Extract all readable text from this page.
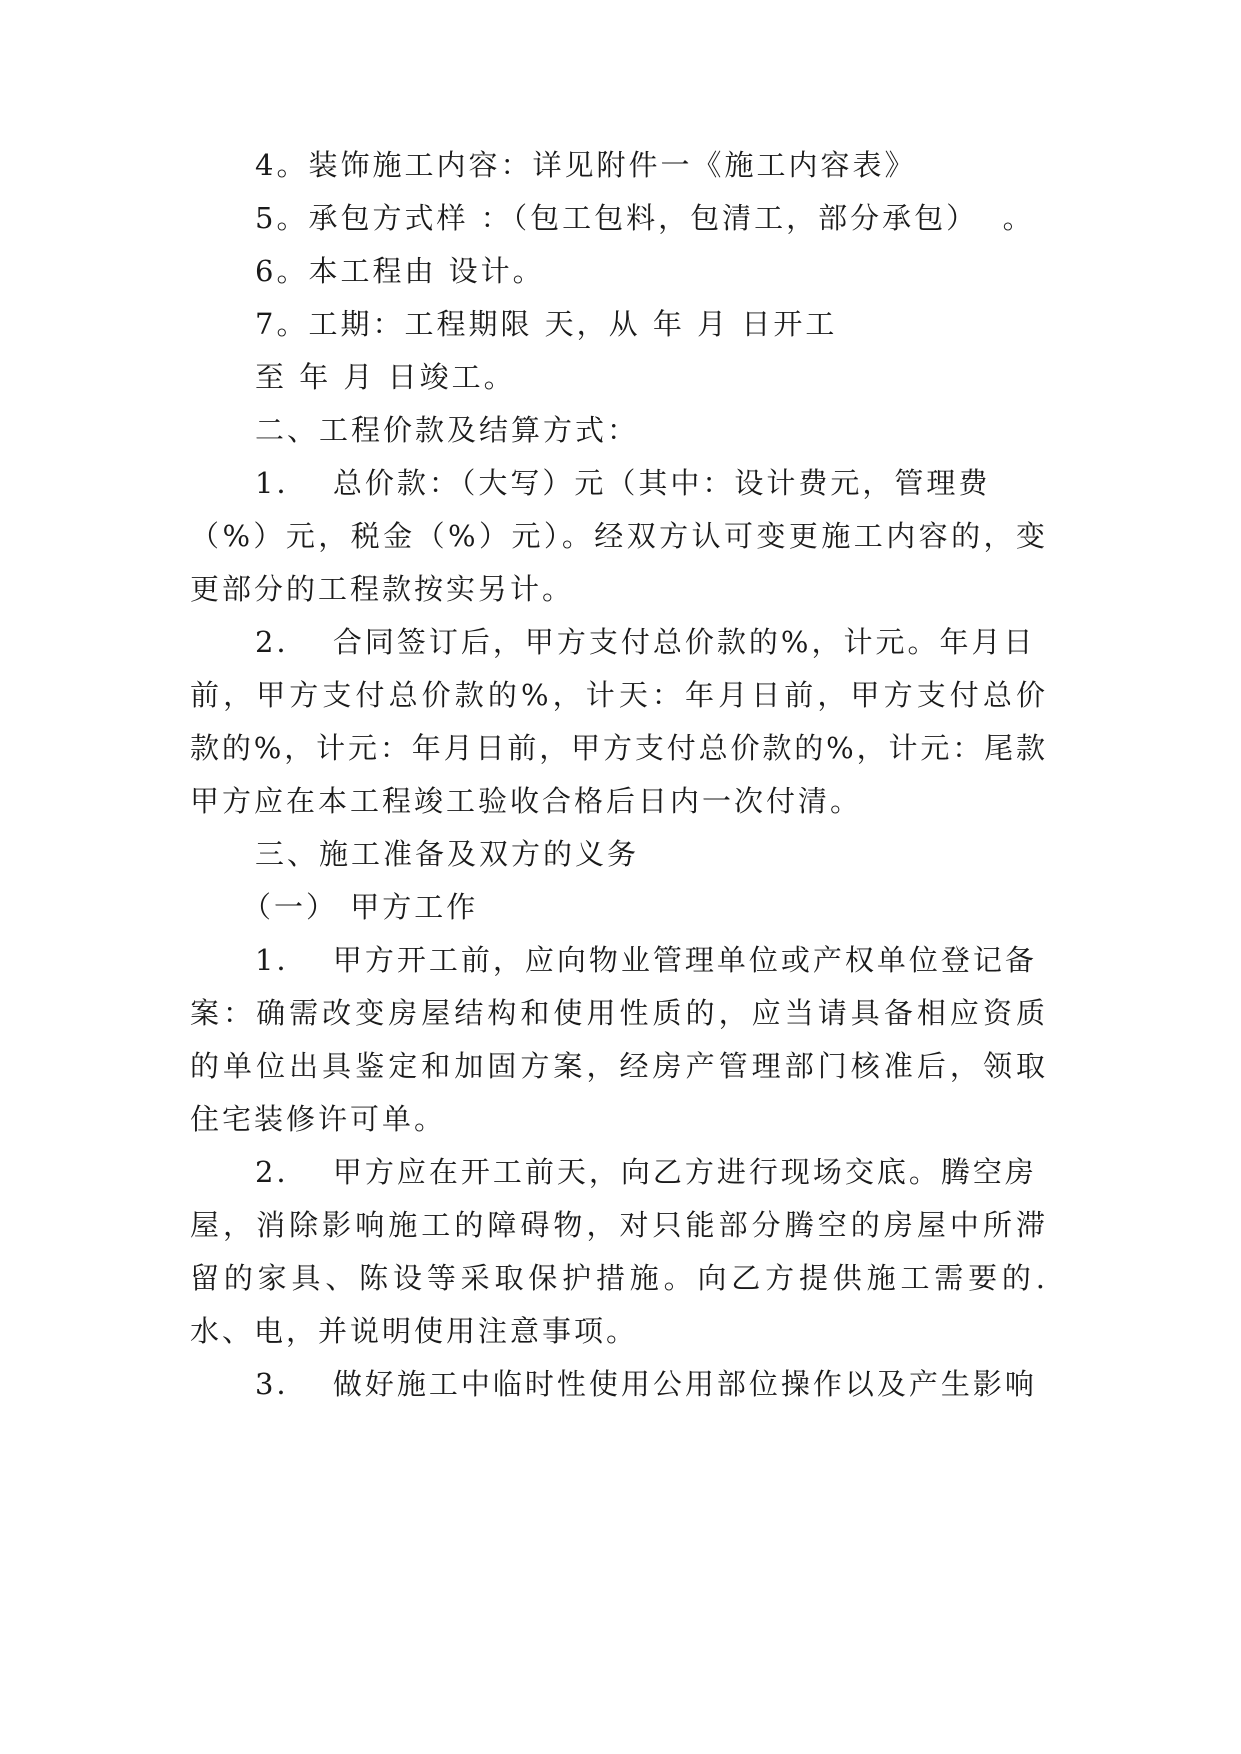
4。装饰施工内容：详见附件一《施工内容表》
5。承包方式样 ：（包工包料，包清工，部分承包）  。
6。本工程由 设计。
7。工期：工程期限 天，从 年 月 日开工
至 年 月 日竣工。
二、工程价款及结算方式：
1．  总价款：（大写）元（其中：设计费元，管理费
（%）元，税金（%）元）。经双方认可变更施工内容的，变
更部分的工程款按实另计。
2．  合同签订后，甲方支付总价款的%，计元。年月日
前，甲方支付总价款的%，计天：年月日前，甲方支付总价
款的%，计元：年月日前，甲方支付总价款的%，计元：尾款
甲方应在本工程竣工验收合格后日内一次付清。
三、施工准备及双方的义务
（一） 甲方工作
1．  甲方开工前，应向物业管理单位或产权单位登记备
案：确需改变房屋结构和使用性质的，应当请具备相应资质
的单位出具鉴定和加固方案，经房产管理部门核准后，领取
住宅装修许可单。
2．  甲方应在开工前天，向乙方进行现场交底。腾空房
屋，消除影响施工的障碍物，对只能部分腾空的房屋中所滞
留的家具、陈设等采取保护措施。向乙方提供施工需要的.
水、电，并说明使用注意事项。
3．  做好施工中临时性使用公用部位操作以及产生影响
